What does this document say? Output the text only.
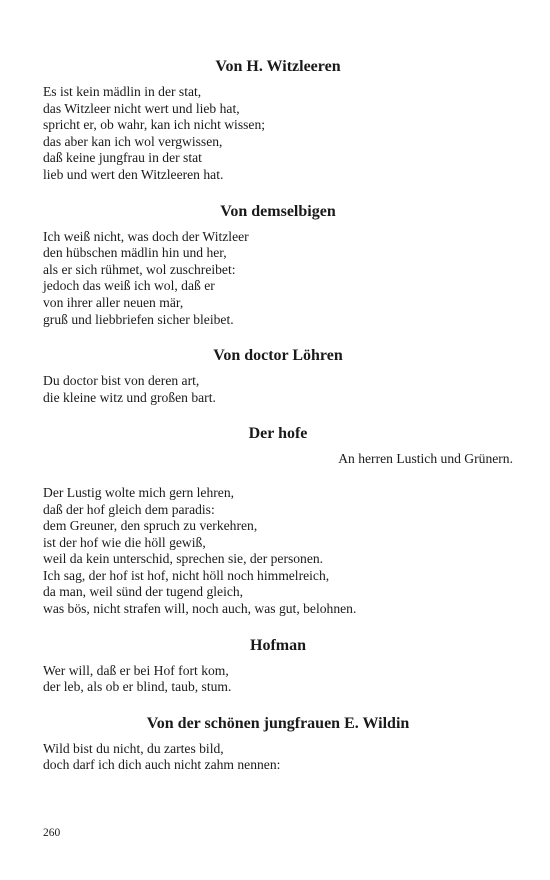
Von H. Witzleeren
Es ist kein mädlin in der stat,
das Witzleer nicht wert und lieb hat,
spricht er, ob wahr, kan ich nicht wissen;
das aber kan ich wol vergwissen,
daß keine jungfrau in der stat
lieb und wert den Witzleeren hat.
Von demselbigen
Ich weiß nicht, was doch der Witzleer
den hübschen mädlin hin und her,
als er sich rühmet, wol zuschreibet:
jedoch das weiß ich wol, daß er
von ihrer aller neuen mär,
gruß und liebbriefen sicher bleibet.
Von doctor Löhren
Du doctor bist von deren art,
die kleine witz und großen bart.
Der hofe
An herren Lustich und Grünern.
Der Lustig wolte mich gern lehren,
daß der hof gleich dem paradis:
dem Greuner, den spruch zu verkehren,
ist der hof wie die höll gewiß,
weil da kein unterschid, sprechen sie, der personen.
Ich sag, der hof ist hof, nicht höll noch himmelreich,
da man, weil sünd der tugend gleich,
was bös, nicht strafen will, noch auch, was gut, belohnen.
Hofman
Wer will, daß er bei Hof fort kom,
der leb, als ob er blind, taub, stum.
Von der schönen jungfrauen E. Wildin
Wild bist du nicht, du zartes bild,
doch darf ich dich auch nicht zahm nennen:
260
